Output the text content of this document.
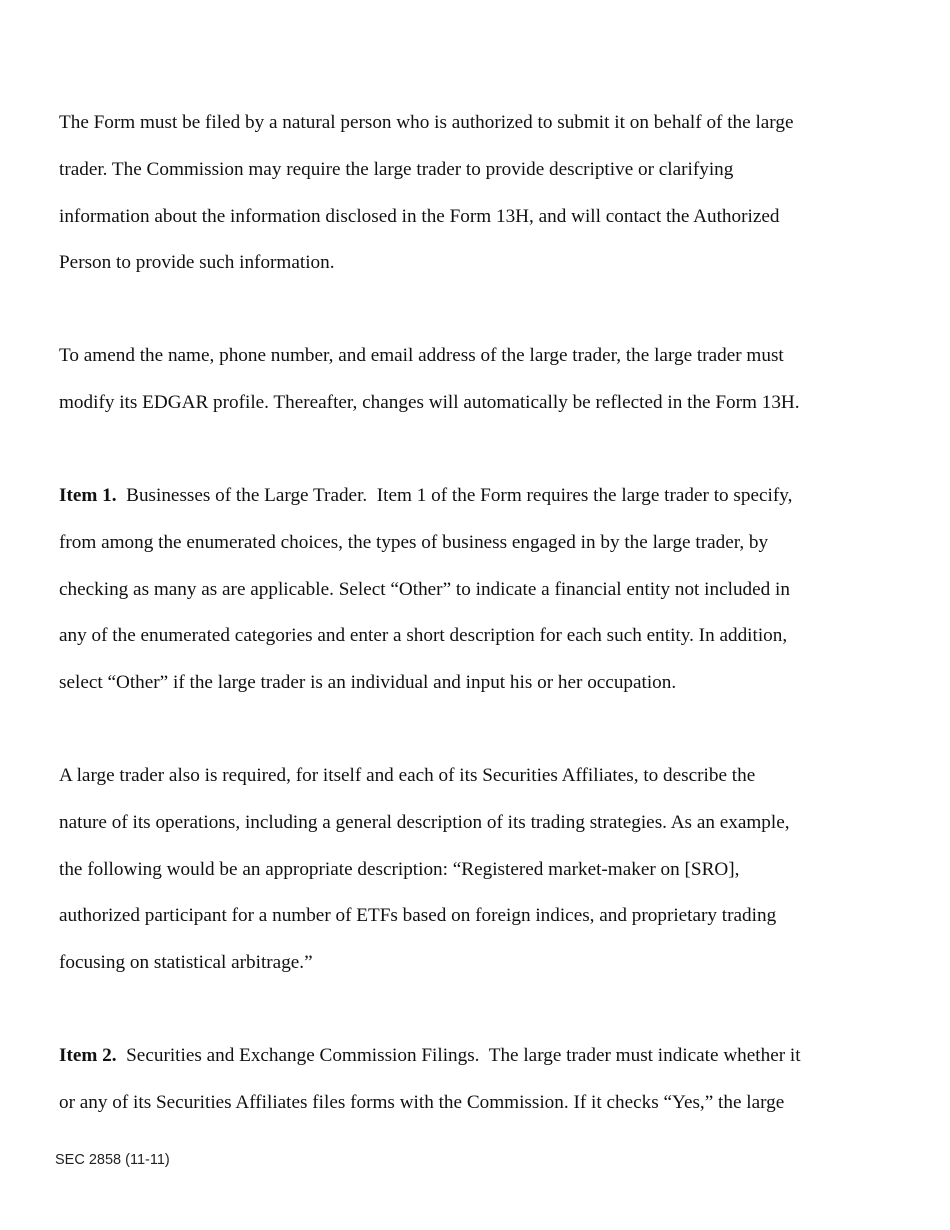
The Form must be filed by a natural person who is authorized to submit it on behalf of the large
trader. The Commission may require the large trader to provide descriptive or clarifying
information about the information disclosed in the Form 13H, and will contact the Authorized
Person to provide such information.

To amend the name, phone number, and email address of the large trader, the large trader must
modify its EDGAR profile. Thereafter, changes will automatically be reflected in the Form 13H.

Item 1.  Businesses of the Large Trader.  Item 1 of the Form requires the large trader to specify,
from among the enumerated choices, the types of business engaged in by the large trader, by
checking as many as are applicable. Select “Other” to indicate a financial entity not included in
any of the enumerated categories and enter a short description for each such entity. In addition,
select “Other” if the large trader is an individual and input his or her occupation.

A large trader also is required, for itself and each of its Securities Affiliates, to describe the
nature of its operations, including a general description of its trading strategies. As an example,
the following would be an appropriate description: “Registered market-maker on [SRO],
authorized participant for a number of ETFs based on foreign indices, and proprietary trading
focusing on statistical arbitrage.”

Item 2.  Securities and Exchange Commission Filings.  The large trader must indicate whether it
or any of its Securities Affiliates files forms with the Commission. If it checks “Yes,” the large

SEC 2858 (11-11)
